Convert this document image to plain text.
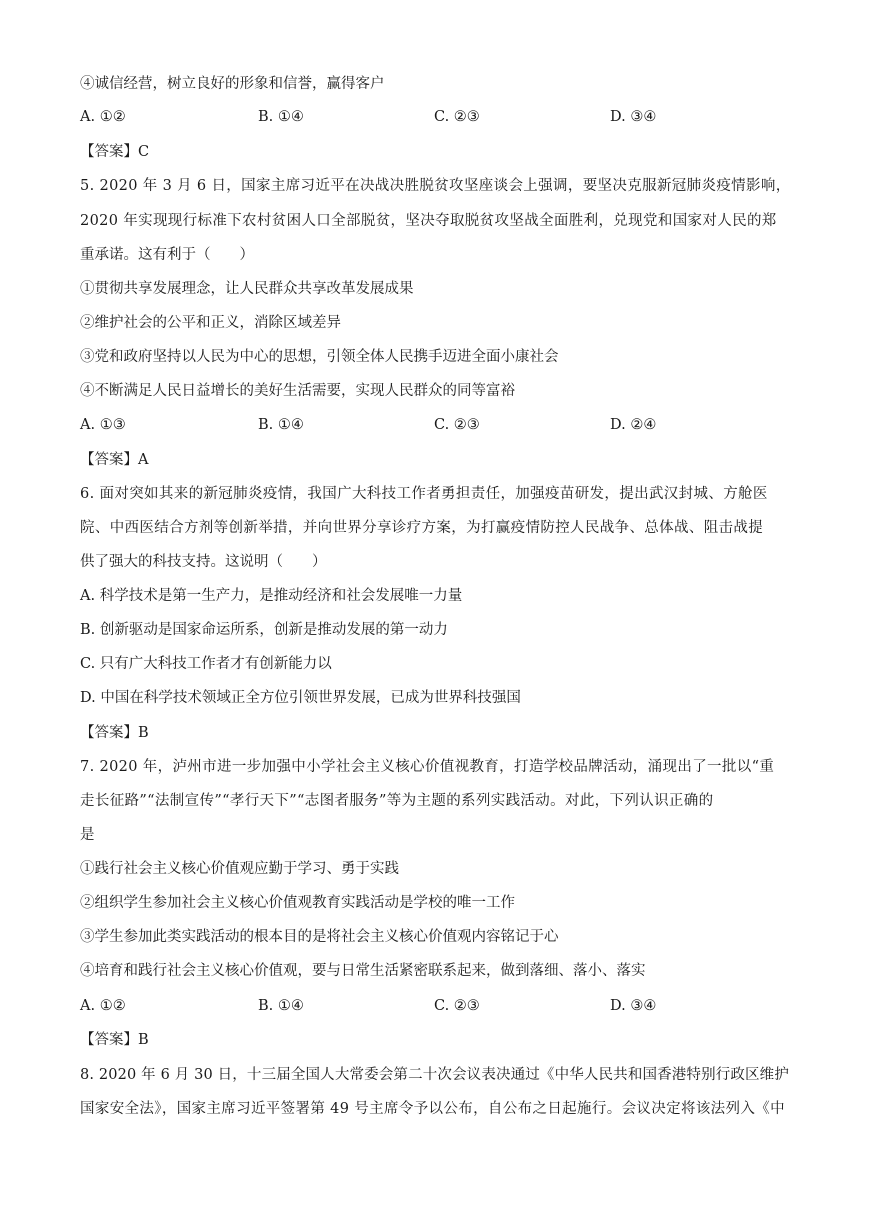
④诚信经营，树立良好的形象和信誉，赢得客户
A. ①②	B. ①④	C. ②③	D. ③④
【答案】C
5. 2020 年 3 月 6 日，国家主席习近平在决战决胜脱贫攻坚座谈会上强调，要坚决克服新冠肺炎疫情影响，
2020 年实现现行标准下农村贫困人口全部脱贫，坚决夺取脱贫攻坚战全面胜利，兑现党和国家对人民的郑
重承诺。这有利于（　　）
①贯彻共享发展理念，让人民群众共享改革发展成果
②维护社会的公平和正义，消除区域差异
③党和政府坚持以人民为中心的思想，引领全体人民携手迈进全面小康社会
④不断满足人民日益增长的美好生活需要，实现人民群众的同等富裕
A. ①③	B. ①④	C. ②③	D. ②④
【答案】A
6. 面对突如其来的新冠肺炎疫情，我国广大科技工作者勇担责任，加强疫苗研发，提出武汉封城、方舱医
院、中西医结合方剂等创新举措，并向世界分享诊疗方案，为打赢疫情防控人民战争、总体战、阻击战提
供了强大的科技支持。这说明（　　）
A. 科学技术是第一生产力，是推动经济和社会发展唯一力量
B. 创新驱动是国家命运所系，创新是推动发展的第一动力
C. 只有广大科技工作者才有创新能力以
D. 中国在科学技术领域正全方位引领世界发展，已成为世界科技强国
【答案】B
7. 2020 年，泸州市进一步加强中小学社会主义核心价值视教育，打造学校品牌活动，涌现出了一批以“重
走长征路”“法制宣传”“孝行天下”“志图者服务”等为主题的系列实践活动。对此，下列认识正确的
是
①践行社会主义核心价值观应勤于学习、勇于实践
②组织学生参加社会主义核心价值观教育实践活动是学校的唯一工作
③学生参加此类实践活动的根本目的是将社会主义核心价值观内容铭记于心
④培育和践行社会主义核心价值观，要与日常生活紧密联系起来，做到落细、落小、落实
A. ①②	B. ①④	C. ②③	D. ③④
【答案】B
8. 2020 年 6 月 30 日，十三届全国人大常委会第二十次会议表决通过《中华人民共和国香港特别行政区维护
国家安全法》，国家主席习近平签署第 49 号主席令予以公布，自公布之日起施行。会议决定将该法列入《中
